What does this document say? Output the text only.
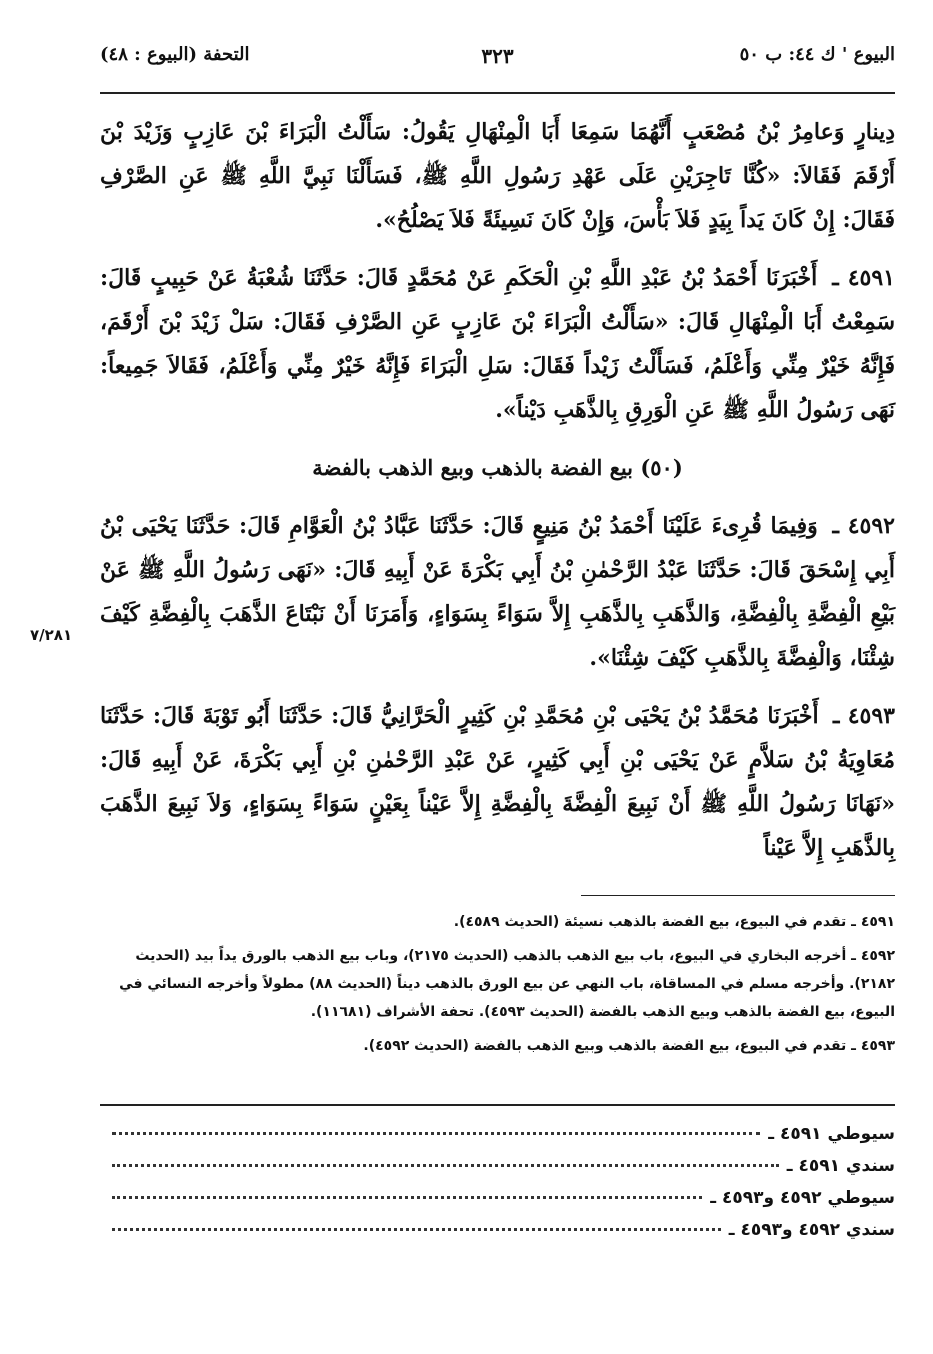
البيوع ' ك ٤٤: ب ٥٠
٣٢٣
التحفة (البيوع : ٤٨)

دِينارٍ وَعامِرُ بْنُ مُصْعَبٍ أَنَّهُمَا سَمِعَا أَبَا الْمِنْهَالِ يَقُولُ: سَأَلْتُ الْبَرَاءَ بْنَ عَازِبٍ وَزَيْدَ بْنَ أَرْقَمَ فَقَالاَ: «كُنَّا تَاجِرَيْنِ عَلَى عَهْدِ رَسُولِ اللَّهِ ﷺ، فَسَأَلْنَا نَبِيَّ اللَّهِ ﷺ عَنِ الصَّرْفِ فَقَالَ: إِنْ كَانَ يَداً بِيَدٍ فَلاَ بَأْسَ، وَإِنْ كَانَ نَسِيئَةً فَلاَ يَصْلُحُ».

٤٥٩١ ـ أَخْبَرَنَا أَحْمَدُ بْنُ عَبْدِ اللَّهِ بْنِ الْحَكَمِ عَنْ مُحَمَّدٍ قَالَ: حَدَّثَنَا شُعْبَةُ عَنْ حَبِيبٍ قَالَ: سَمِعْتُ أَبَا الْمِنْهَالِ قَالَ: «سَأَلْتُ الْبَرَاءَ بْنَ عَازِبٍ عَنِ الصَّرْفِ فَقَالَ: سَلْ زَيْدَ بْنَ أَرْقَمَ، فَإِنَّهُ خَيْرٌ مِنِّي وَأَعْلَمُ، فَسَأَلْتُ زَيْداً فَقَالَ: سَلِ الْبَرَاءَ فَإِنَّهُ خَيْرٌ مِنِّي وَأَعْلَمُ، فَقَالاَ جَمِيعاً: نَهَى رَسُولُ اللَّهِ ﷺ عَنِ الْوَرِقِ بِالذَّهَبِ دَيْناً».

(٥٠) بيع الفضة بالذهب وبيع الذهب بالفضة

٤٥٩٢ ـ وَفِيمَا قُرِىءَ عَلَيْنَا أَحْمَدُ بْنُ مَنِيعٍ قَالَ: حَدَّثَنَا عَبَّادُ بْنُ الْعَوَّامِ قَالَ: حَدَّثَنَا يَحْيَى بْنُ أَبِي إِسْحَقَ قَالَ: حَدَّثَنَا عَبْدُ الرَّحْمٰنِ بْنُ أَبِي بَكْرَةَ عَنْ أَبِيهِ قَالَ: «نَهَى رَسُولُ اللَّهِ ﷺ عَنْ بَيْعِ الْفِضَّةِ بِالْفِضَّةِ، وَالذَّهَبِ بِالذَّهَبِ إِلاَّ سَوَاءً بِسَوَاءٍ، وَأَمَرَنَا أَنْ نَبْتَاعَ الذَّهَبَ بِالْفِضَّةِ كَيْفَ شِئْنَا، وَالْفِضَّةَ بِالذَّهَبِ كَيْفَ شِئْنَا».

٤٥٩٣ ـ أَخْبَرَنَا مُحَمَّدُ بْنُ يَحْيَى بْنِ مُحَمَّدِ بْنِ كَثِيرٍ الْحَرَّانِيُّ قَالَ: حَدَّثَنَا أَبُو تَوْبَةَ قَالَ: حَدَّثَنَا مُعَاوِيَةُ بْنُ سَلاَّمٍ عَنْ يَحْيَى بْنِ أَبِي كَثِيرٍ، عَنْ عَبْدِ الرَّحْمٰنِ بْنِ أَبِي بَكْرَةَ، عَنْ أَبِيهِ قَالَ: «نَهَانَا رَسُولُ اللَّهِ ﷺ أَنْ نَبِيعَ الْفِضَّةَ بِالْفِضَّةِ إِلاَّ عَيْناً بِعَيْنٍ سَوَاءً بِسَوَاءٍ، وَلاَ نَبِيعَ الذَّهَبَ بِالذَّهَبِ إِلاَّ عَيْناً

٧/٢٨١

٤٥٩١ ـ تقدم في البيوع، بيع الفضة بالذهب نسيئة (الحديث ٤٥٨٩).

٤٥٩٢ ـ أخرجه البخاري في البيوع، باب بيع الذهب بالذهب (الحديث ٢١٧٥)، وباب بيع الذهب بالورق يداً بيد (الحديث ٢١٨٢). وأخرجه مسلم في المساقاة، باب النهي عن بيع الورق بالذهب ديناً (الحديث ٨٨) مطولاً وأخرجه النسائي في البيوع، بيع الفضة بالذهب وبيع الذهب بالفضة (الحديث ٤٥٩٣). تحفة الأشراف (١١٦٨١).

٤٥٩٣ ـ تقدم في البيوع، بيع الفضة بالذهب وبيع الذهب بالفضة (الحديث ٤٥٩٢).

سيوطي ٤٥٩١ ـ
سندي ٤٥٩١ ـ
سيوطي ٤٥٩٢ و٤٥٩٣ ـ
سندي ٤٥٩٢ و٤٥٩٣ ـ
